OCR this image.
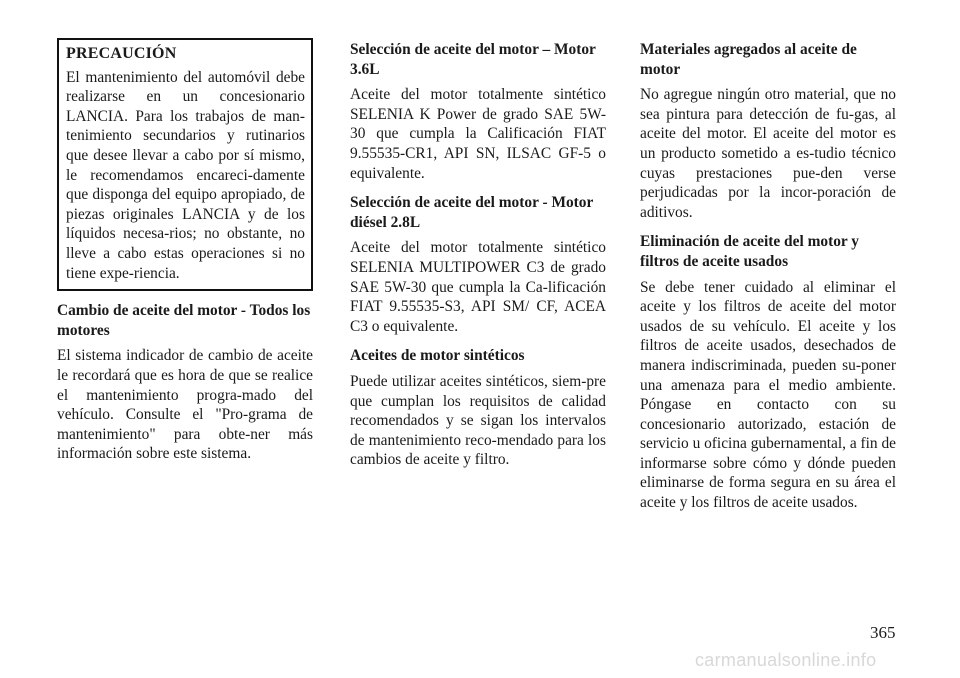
PRECAUCIÓN

El mantenimiento del automóvil debe realizarse en un concesionario LANCIA. Para los trabajos de man-tenimiento secundarios y rutinarios que desee llevar a cabo por sí mismo, le recomendamos encareci-damente que disponga del equipo apropiado, de piezas originales LANCIA y de los líquidos necesa-rios; no obstante, no lleve a cabo estas operaciones si no tiene expe-riencia.

Cambio de aceite del motor - Todos los motores

El sistema indicador de cambio de aceite le recordará que es hora de que se realice el mantenimiento progra-mado del vehículo. Consulte el "Pro-grama de mantenimiento" para obte-ner más información sobre este sistema.

Selección de aceite del motor – Motor 3.6L

Aceite del motor totalmente sintético SELENIA K Power de grado SAE 5W-30 que cumpla la Calificación FIAT 9.55535-CR1, API SN, ILSAC GF-5 o equivalente.

Selección de aceite del motor - Motor diésel 2.8L

Aceite del motor totalmente sintético SELENIA MULTIPOWER C3 de grado SAE 5W-30 que cumpla la Ca-lificación FIAT 9.55535-S3, API SM/ CF, ACEA C3 o equivalente.

Aceites de motor sintéticos

Puede utilizar aceites sintéticos, siem-pre que cumplan los requisitos de calidad recomendados y se sigan los intervalos de mantenimiento reco-mendado para los cambios de aceite y filtro.

Materiales agregados al aceite de motor

No agregue ningún otro material, que no sea pintura para detección de fu-gas, al aceite del motor. El aceite del motor es un producto sometido a es-tudio técnico cuyas prestaciones pue-den verse perjudicadas por la incor-poración de aditivos.

Eliminación de aceite del motor y filtros de aceite usados

Se debe tener cuidado al eliminar el aceite y los filtros de aceite del motor usados de su vehículo. El aceite y los filtros de aceite usados, desechados de manera indiscriminada, pueden su-poner una amenaza para el medio ambiente. Póngase en contacto con su concesionario autorizado, estación de servicio u oficina gubernamental, a fin de informarse sobre cómo y dónde pueden eliminarse de forma segura en su área el aceite y los filtros de aceite usados.

365
carmanualsonline.info
